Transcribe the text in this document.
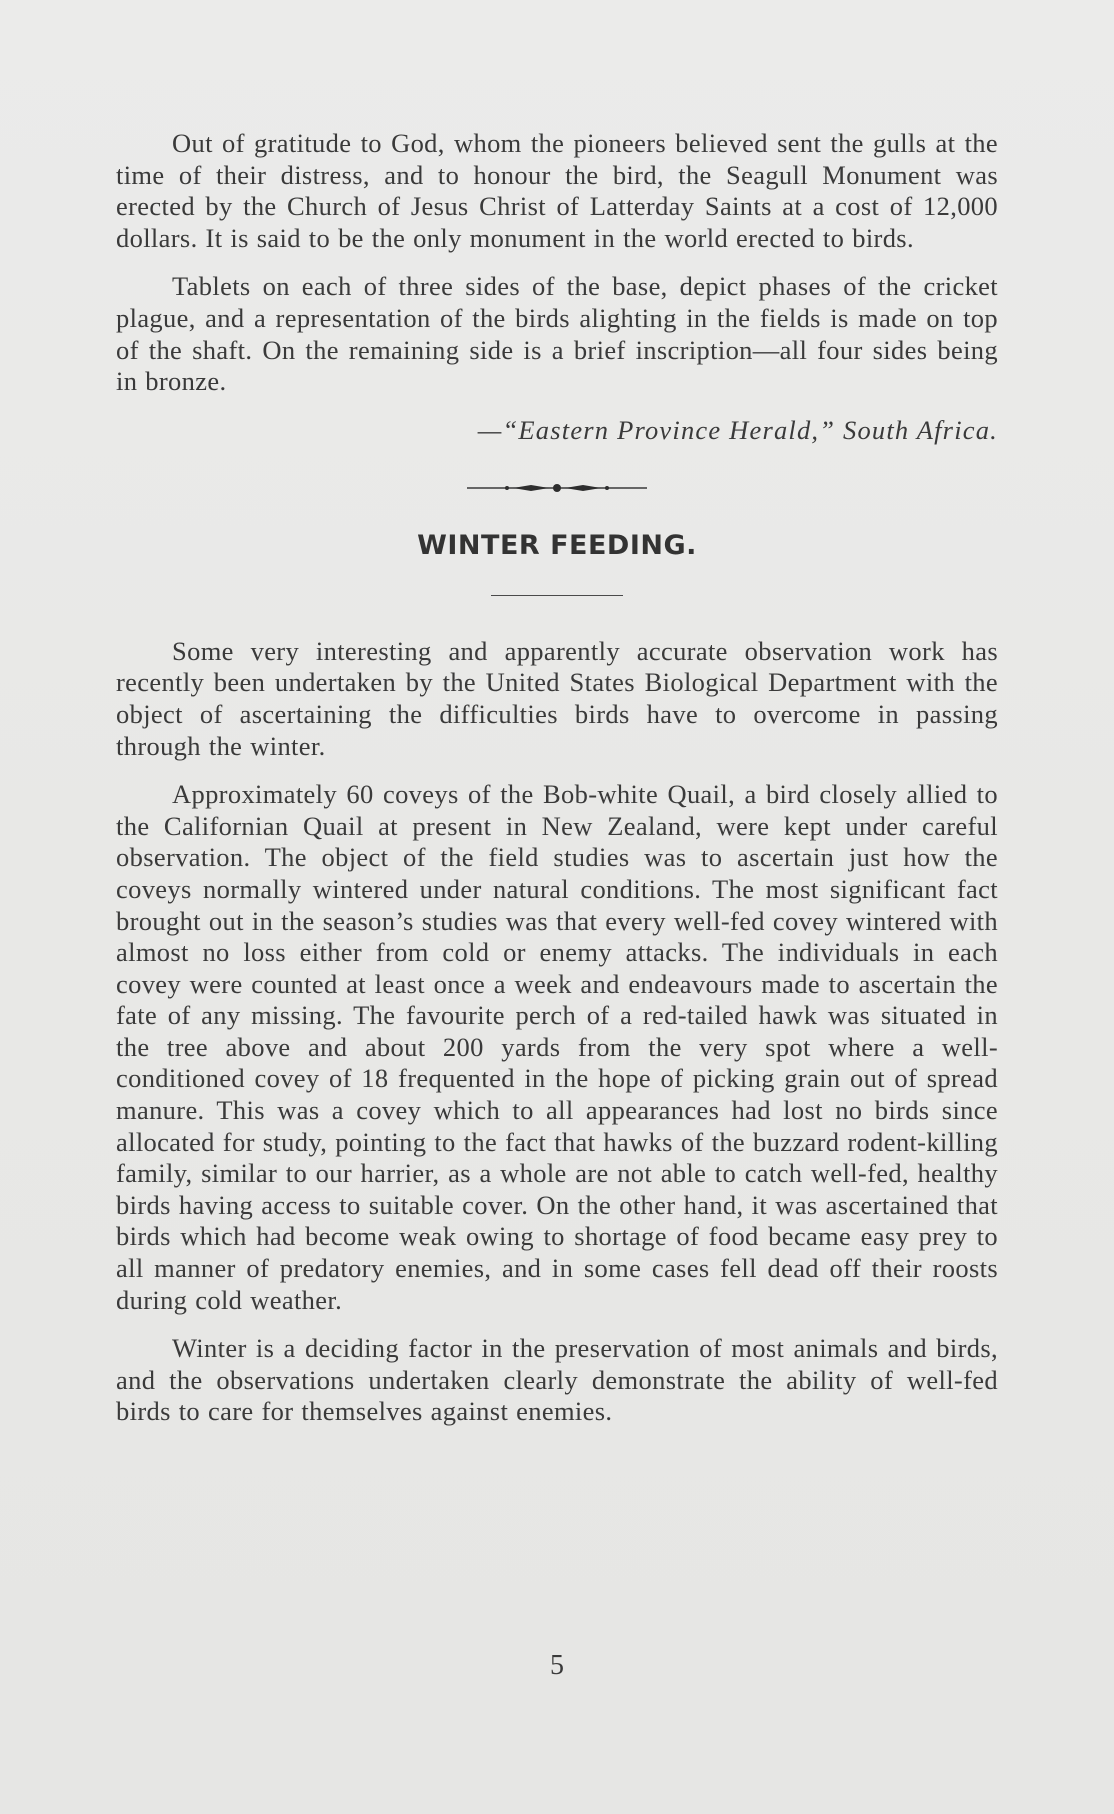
Out of gratitude to God, whom the pioneers believed sent the gulls at the time of their distress, and to honour the bird, the Seagull Monument was erected by the Church of Jesus Christ of Latterday Saints at a cost of 12,000 dollars. It is said to be the only monument in the world erected to birds.

Tablets on each of three sides of the base, depict phases of the cricket plague, and a representation of the birds alighting in the fields is made on top of the shaft. On the remaining side is a brief inscription—all four sides being in bronze.

—“Eastern Province Herald,” South Africa.

WINTER FEEDING.

Some very interesting and apparently accurate observation work has recently been undertaken by the United States Biological Department with the object of ascertaining the difficulties birds have to overcome in passing through the winter.

Approximately 60 coveys of the Bob-white Quail, a bird closely allied to the Californian Quail at present in New Zealand, were kept under careful observation. The object of the field studies was to ascertain just how the coveys normally wintered under natural conditions. The most significant fact brought out in the season’s studies was that every well-fed covey wintered with almost no loss either from cold or enemy attacks. The individuals in each covey were counted at least once a week and endeavours made to ascertain the fate of any missing. The favourite perch of a red-tailed hawk was situated in the tree above and about 200 yards from the very spot where a well-conditioned covey of 18 frequented in the hope of picking grain out of spread manure. This was a covey which to all appearances had lost no birds since allocated for study, pointing to the fact that hawks of the buzzard rodent-killing family, similar to our harrier, as a whole are not able to catch well-fed, healthy birds having access to suitable cover. On the other hand, it was ascertained that birds which had become weak owing to shortage of food became easy prey to all manner of predatory enemies, and in some cases fell dead off their roosts during cold weather.

Winter is a deciding factor in the preservation of most animals and birds, and the observations undertaken clearly demonstrate the ability of well-fed birds to care for themselves against enemies.

5
